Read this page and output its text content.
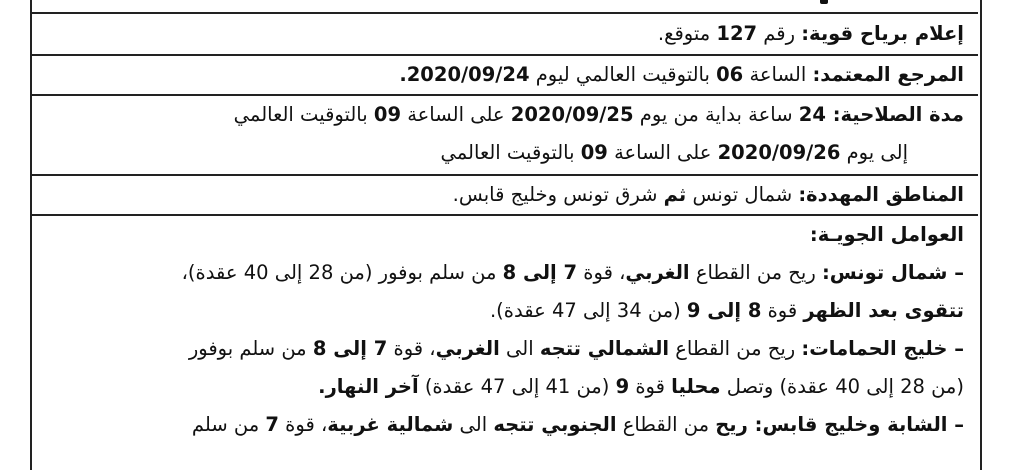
إعلام برياح قوية: رقم 127 متوقع.
المرجع المعتمد: الساعة 06 بالتوقيت العالمي ليوم 2020/09/24.
مدة الصلاحية: 24 ساعة بداية من يوم 2020/09/25 على الساعة 09 بالتوقيت العالمي
إلى يوم 2020/09/26 على الساعة 09 بالتوقيت العالمي
المناطق المهددة: شمال تونس ثم شرق تونس وخليج قابس.
العوامل الجويـة:
– شمال تونس: ريح من القطاع الغربي، قوة 7 إلى 8 من سلم بوفور (من 28 إلى 40 عقدة)،
تتقوى بعد الظهر قوة 8 إلى 9 (من 34 إلى 47 عقدة).
– خليج الحمامات: ريح من القطاع الشمالي تتجه الى الغربي، قوة 7 إلى 8 من سلم بوفور
(من 28 إلى 40 عقدة) وتصل محليا قوة 9 (من 41 إلى 47 عقدة) آخر النهار.
– الشابة وخليج قابس: ريح من القطاع الجنوبي تتجه الى شمالية غربية، قوة 7 من سلم
